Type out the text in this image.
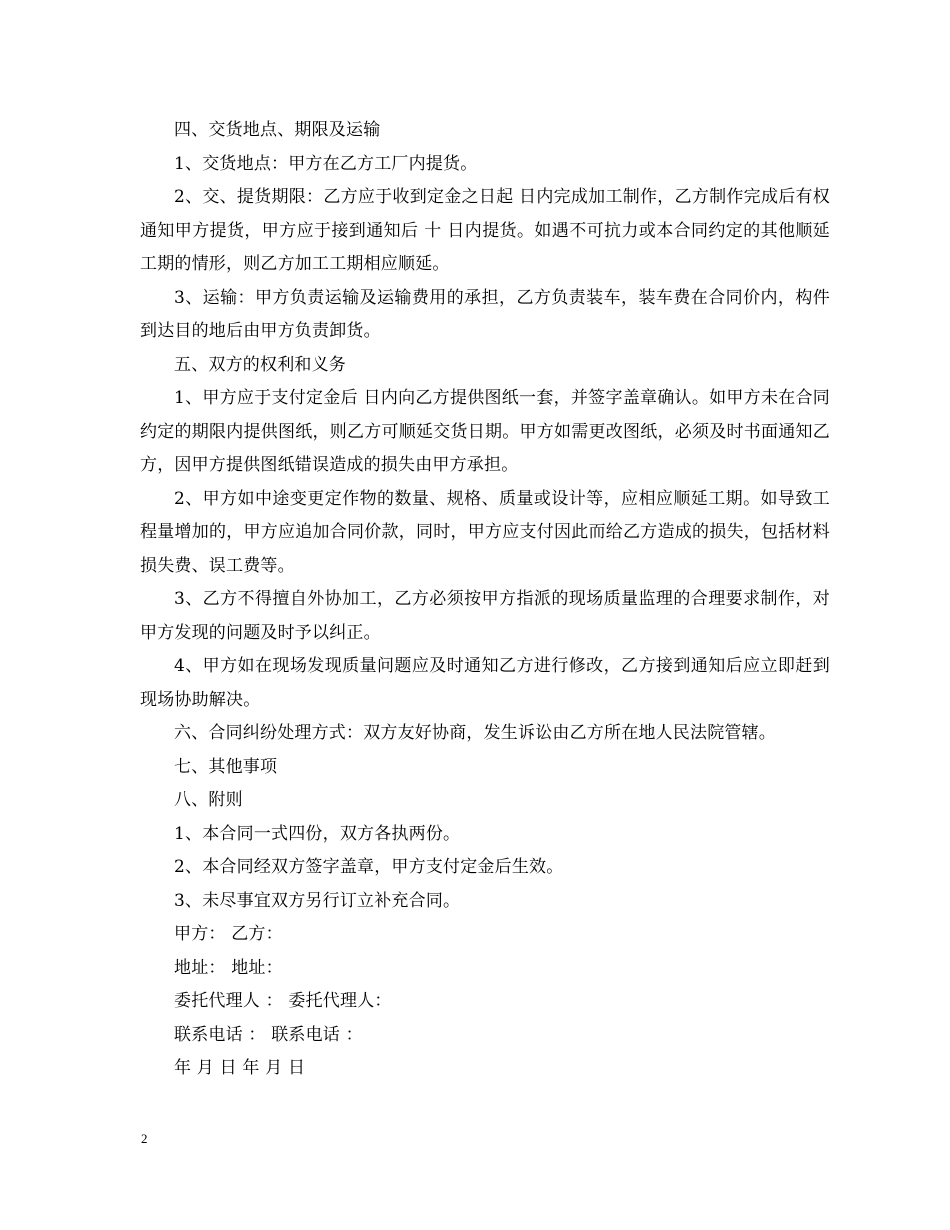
四、交货地点、期限及运输

1、交货地点：甲方在乙方工厂内提货。

2、交、提货期限：乙方应于收到定金之日起 日内完成加工制作，乙方制作完成后有权通知甲方提货，甲方应于接到通知后 十 日内提货。如遇不可抗力或本合同约定的其他顺延工期的情形，则乙方加工工期相应顺延。

3、运输：甲方负责运输及运输费用的承担，乙方负责装车，装车费在合同价内，构件到达目的地后由甲方负责卸货。

五、双方的权利和义务

1、甲方应于支付定金后 日内向乙方提供图纸一套，并签字盖章确认。如甲方未在合同约定的期限内提供图纸，则乙方可顺延交货日期。甲方如需更改图纸，必须及时书面通知乙方，因甲方提供图纸错误造成的损失由甲方承担。

2、甲方如中途变更定作物的数量、规格、质量或设计等，应相应顺延工期。如导致工程量增加的，甲方应追加合同价款，同时，甲方应支付因此而给乙方造成的损失，包括材料损失费、误工费等。

3、乙方不得擅自外协加工，乙方必须按甲方指派的现场质量监理的合理要求制作，对甲方发现的问题及时予以纠正。

4、甲方如在现场发现质量问题应及时通知乙方进行修改，乙方接到通知后应立即赶到现场协助解决。

六、合同纠纷处理方式：双方友好协商，发生诉讼由乙方所在地人民法院管辖。

七、其他事项

八、附则

1、本合同一式四份，双方各执两份。

2、本合同经双方签字盖章，甲方支付定金后生效。

3、未尽事宜双方另行订立补充合同。

甲方： 乙方：

地址： 地址：

委托代理人 ： 委托代理人：

联系电话 ： 联系电话 ：

年 月 日 年 月 日

2
